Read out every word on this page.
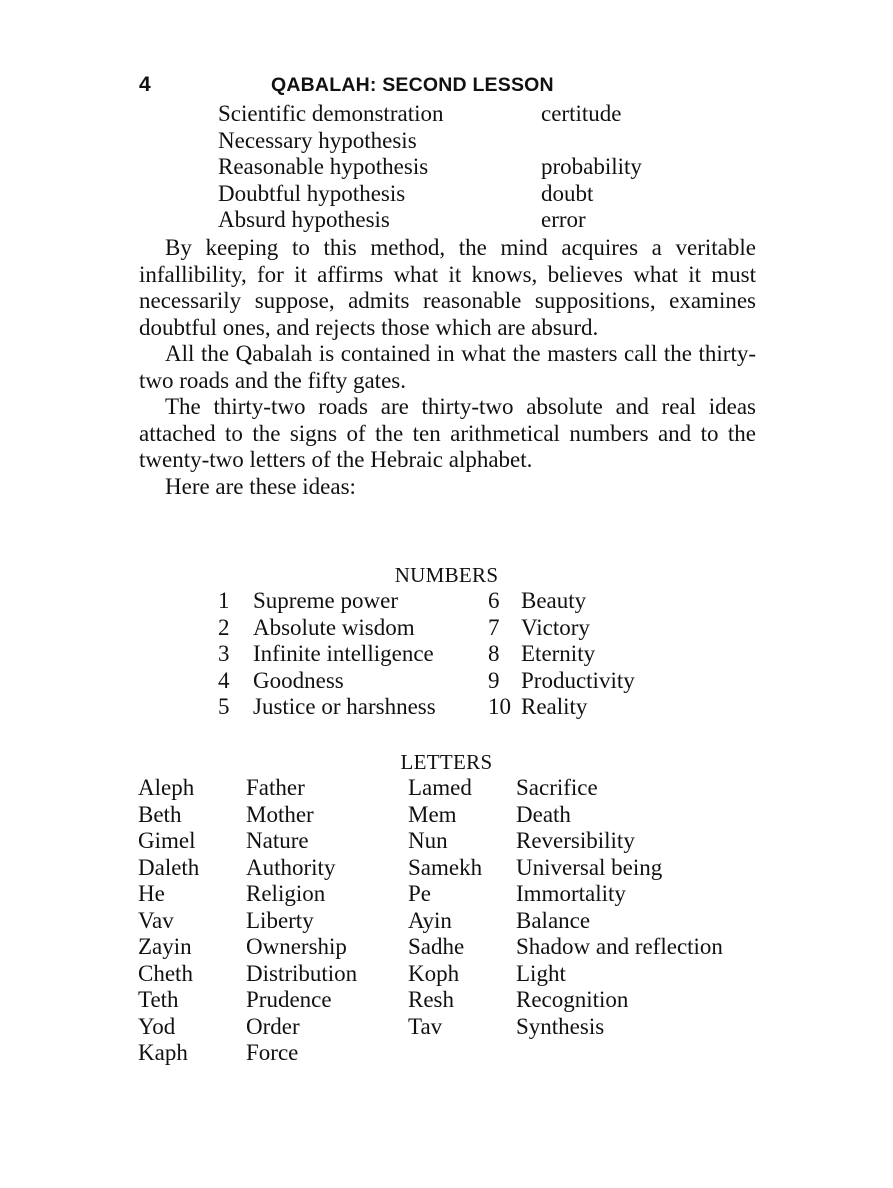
4	QABALAH: SECOND LESSON
Scientific demonstration	certitude
Necessary hypothesis	
Reasonable hypothesis	probability
Doubtful hypothesis	doubt
Absurd hypothesis	error

By keeping to this method, the mind acquires a veritable infallibility, for it affirms what it knows, believes what it must necessarily suppose, admits reasonable suppositions, examines doubtful ones, and rejects those which are absurd.

All the Qabalah is contained in what the masters call the thirty-two roads and the fifty gates.

The thirty-two roads are thirty-two absolute and real ideas attached to the signs of the ten arithmetical numbers and to the twenty-two letters of the Hebraic alphabet.

Here are these ideas:

NUMBERS
1	Supreme power	6	Beauty
2	Absolute wisdom	7	Victory
3	Infinite intelligence	8	Eternity
4	Goodness	9	Productivity
5	Justice or harshness	10	Reality
LETTERS
Aleph	Father	Lamed	Sacrifice
Beth	Mother	Mem	Death
Gimel	Nature	Nun	Reversibility
Daleth	Authority	Samekh	Universal being
He	Religion	Pe	Immortality
Vav	Liberty	Ayin	Balance
Zayin	Ownership	Sadhe	Shadow and reflection
Cheth	Distribution	Koph	Light
Teth	Prudence	Resh	Recognition
Yod	Order	Tav	Synthesis
Kaph	Force		
